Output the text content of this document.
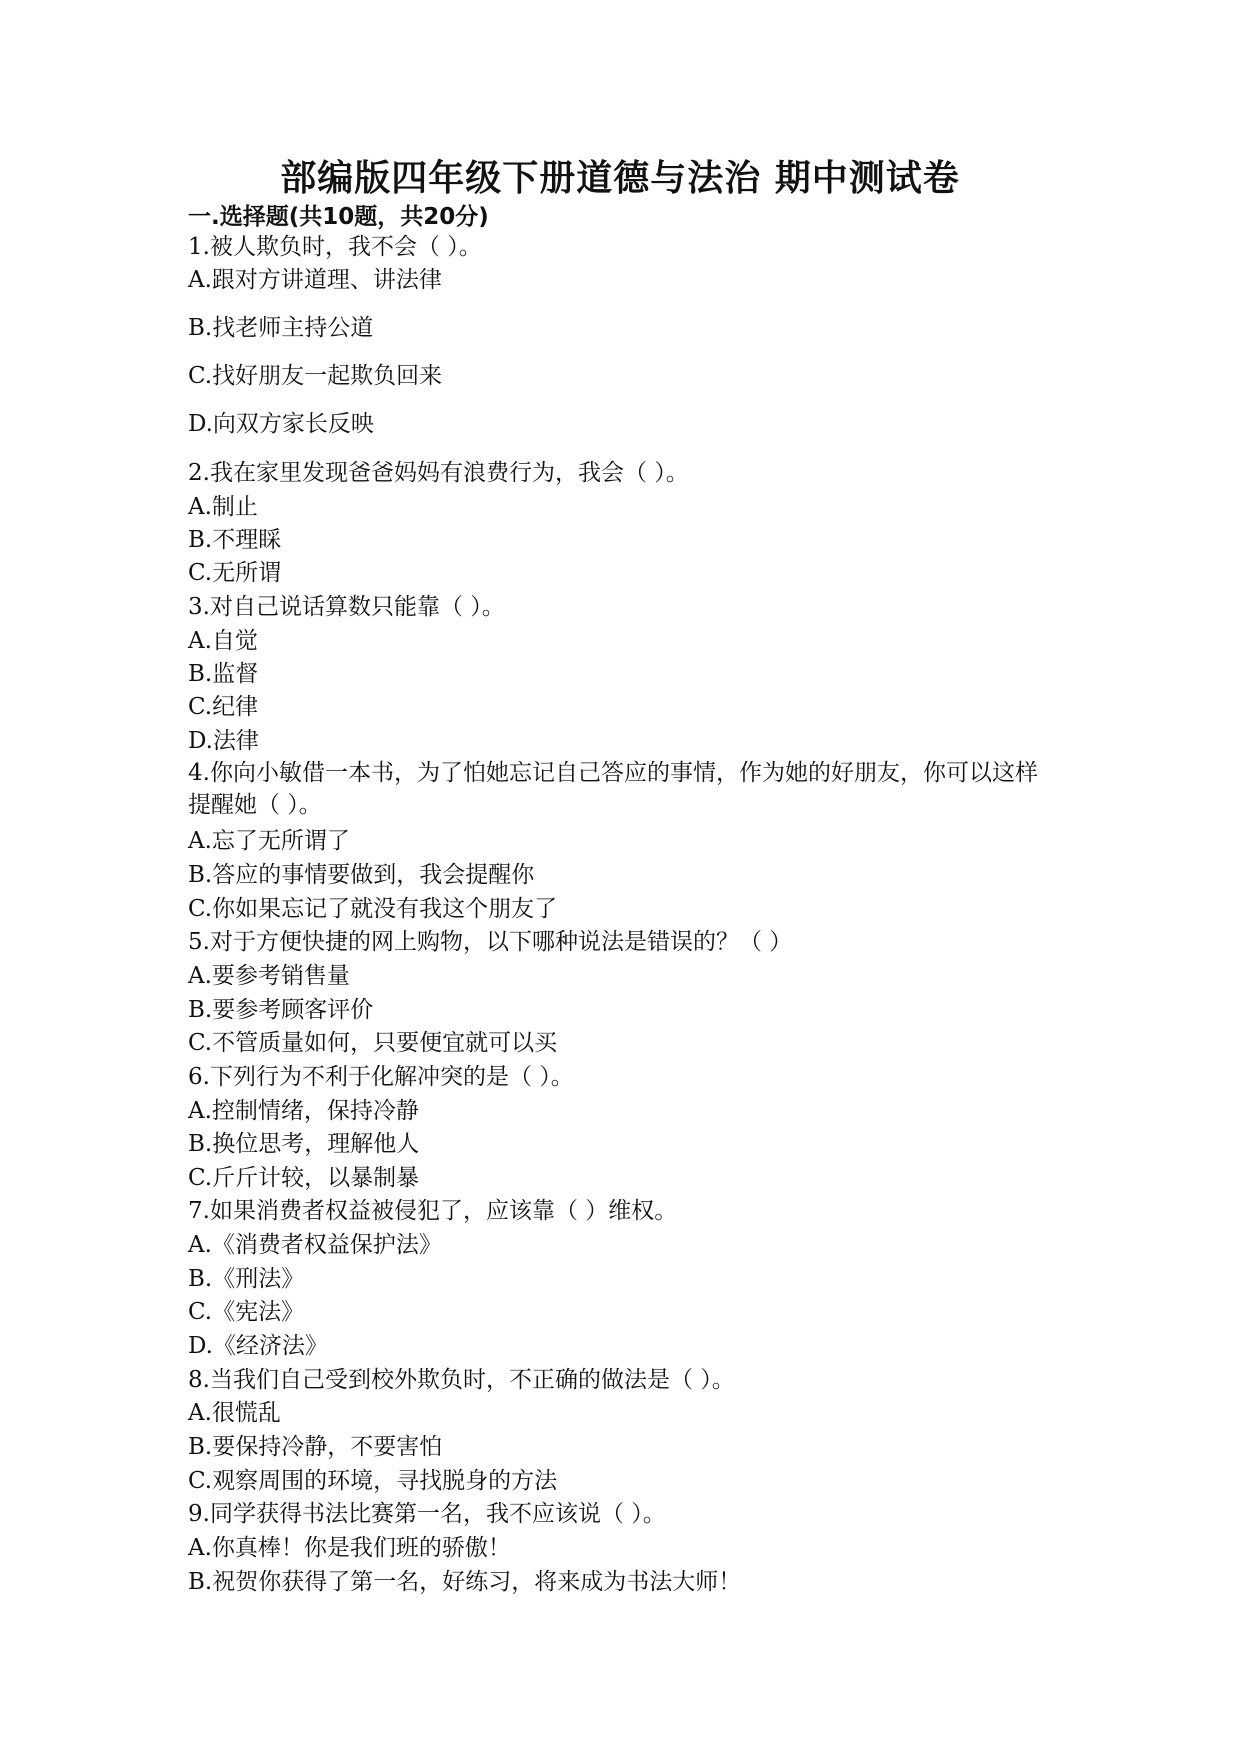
部编版四年级下册道德与法治 期中测试卷
一.选择题(共10题，共20分)
1.被人欺负时，我不会（ ）。
A.跟对方讲道理、讲法律
B.找老师主持公道
C.找好朋友一起欺负回来
D.向双方家长反映
2.我在家里发现爸爸妈妈有浪费行为，我会（ ）。
A.制止
B.不理睬
C.无所谓
3.对自己说话算数只能靠（ ）。
A.自觉
B.监督
C.纪律
D.法律
4.你向小敏借一本书，为了怕她忘记自己答应的事情，作为她的好朋友，你可以这样提醒她（ ）。
A.忘了无所谓了
B.答应的事情要做到，我会提醒你
C.你如果忘记了就没有我这个朋友了
5.对于方便快捷的网上购物，以下哪种说法是错误的？（ ）
A.要参考销售量
B.要参考顾客评价
C.不管质量如何，只要便宜就可以买
6.下列行为不利于化解冲突的是（ ）。
A.控制情绪，保持冷静
B.换位思考，理解他人
C.斤斤计较，以暴制暴
7.如果消费者权益被侵犯了，应该靠（ ）维权。
A.《消费者权益保护法》
B.《刑法》
C.《宪法》
D.《经济法》
8.当我们自己受到校外欺负时，不正确的做法是（ ）。
A.很慌乱
B.要保持冷静，不要害怕
C.观察周围的环境，寻找脱身的方法
9.同学获得书法比赛第一名，我不应该说（ ）。
A.你真棒！你是我们班的骄傲！
B.祝贺你获得了第一名，好练习，将来成为书法大师！
